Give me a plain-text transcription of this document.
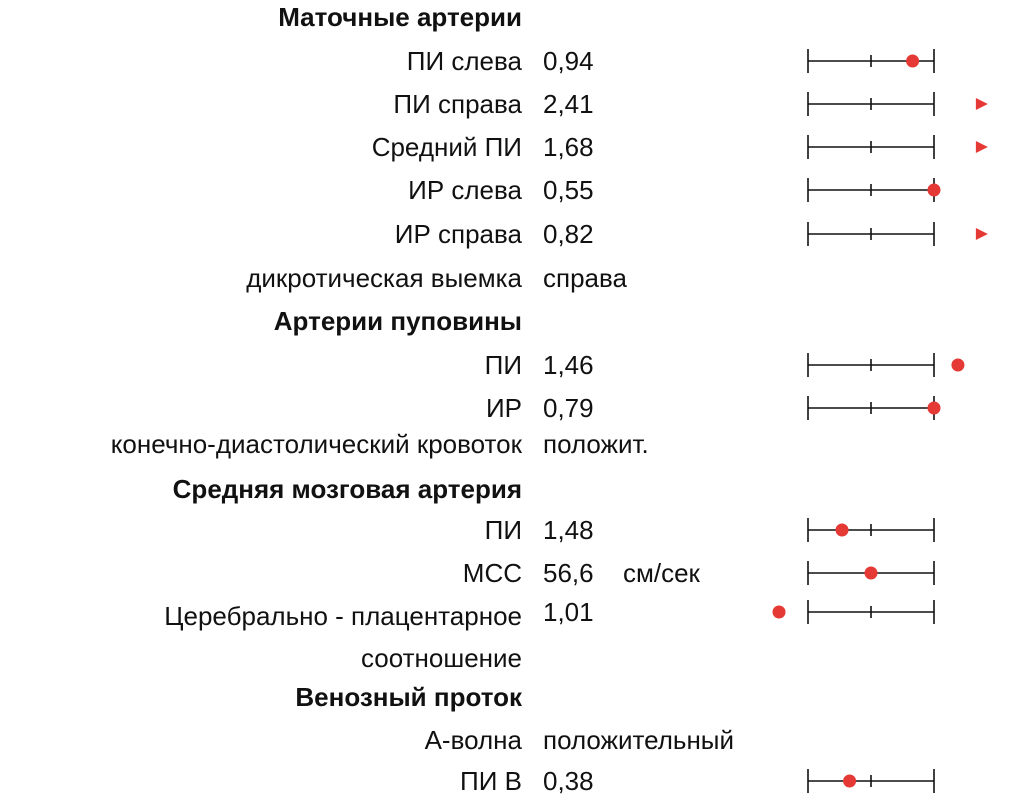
Маточные артерии
ПИ слева 0,94
ПИ справа 2,41
Средний ПИ 1,68
ИР слева 0,55
ИР справа 0,82
дикротическая выемка справа
Артерии пуповины
ПИ 1,46
ИР 0,79
конечно-диастолический кровоток положит.
Средняя мозговая артерия
ПИ 1,48
МСС 56,6 см/сек
Церебрально - плацентарное соотношение
1,01
Венозный проток
А-волна положительный
ПИ В 0,38
